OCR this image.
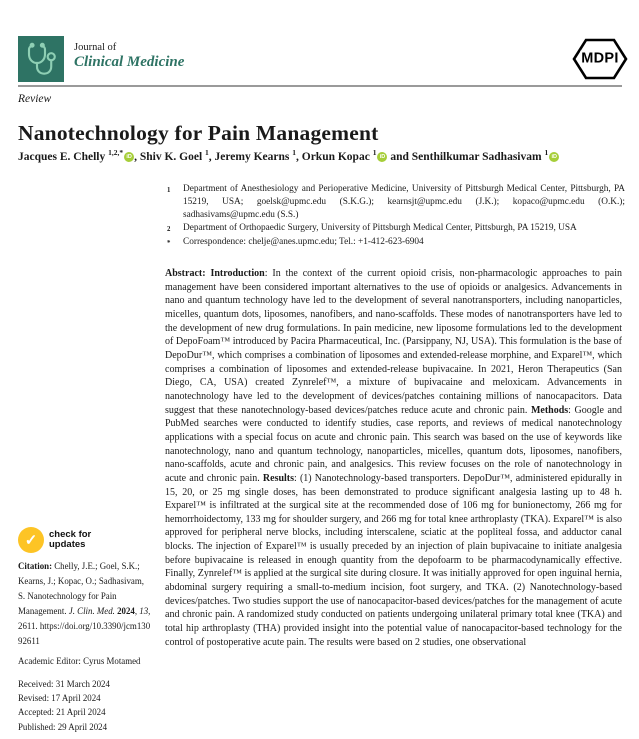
Journal of
Clinical Medicine	MDPI
Review
Nanotechnology for Pain Management
Jacques E. Chelly $^{1,2,*}$ iD , Shiv K. Goel $^1$, Jeremy Kearns $^1$, Orkun Kopac $^1$ iD and Senthilkumar Sadhasivam $^1$ iD
1	Department of Anesthesiology and Perioperative Medicine, University of Pittsburgh Medical Center, Pittsburgh, PA 15219, USA; goelsk@upmc.edu (S.K.G.); kearnsjt@upmc.edu (J.K.); kopaco@upmc.edu (O.K.); sadhasivams@upmc.edu (S.S.)
2	Department of Orthopaedic Surgery, University of Pittsburgh Medical Center, Pittsburgh, PA 15219, USA
*	Correspondence: chelje@anes.upmc.edu; Tel.: +1-412-623-6904
✓ check for
updates

Citation: Chelly, J.E.; Goel, S.K.; Kearns, J.; Kopac, O.; Sadhasivam, S. Nanotechnology for Pain Management. J. Clin. Med. 2024, 13, 2611. https://doi.org/10.3390/jcm13092611

Academic Editor: Cyrus Motamed

Received: 31 March 2024

Revised: 17 April 2024

Accepted: 21 April 2024

Published: 29 April 2024

Abstract: Introduction: In the context of the current opioid crisis, non-pharmacologic approaches to pain management have been considered important alternatives to the use of opioids or analgesics. Advancements in nano and quantum technology have led to the development of several nanotransporters, including nanoparticles, micelles, quantum dots, liposomes, nanofibers, and nano-scaffolds. These modes of nanotransporters have led to the development of new drug formulations. In pain medicine, new liposome formulations led to the development of DepoFoam™ introduced by Pacira Pharmaceutical, Inc. (Parsippany, NJ, USA). This formulation is the base of DepoDur™, which comprises a combination of liposomes and extended-release morphine, and Exparel™, which comprises a combination of liposomes and extended-release bupivacaine. In 2021, Heron Therapeutics (San Diego, CA, USA) created Zynrelef™, a mixture of bupivacaine and meloxicam. Advancements in nanotechnology have led to the development of devices/patches containing millions of nanocapacitors. Data suggest that these nanotechnology-based devices/patches reduce acute and chronic pain. Methods: Google and PubMed searches were conducted to identify studies, case reports, and reviews of medical nanotechnology applications with a special focus on acute and chronic pain. This search was based on the use of keywords like nanotechnology, nano and quantum technology, nanoparticles, micelles, quantum dots, liposomes, nanofibers, nano-scaffolds, acute and chronic pain, and analgesics. This review focuses on the role of nanotechnology in acute and chronic pain. Results: (1) Nanotechnology-based transporters. DepoDur™, administered epidurally in 15, 20, or 25 mg single doses, has been demonstrated to produce significant analgesia lasting up to 48 h. Exparel™ is infiltrated at the surgical site at the recommended dose of 106 mg for bunionectomy, 266 mg for hemorrhoidectomy, 133 mg for shoulder surgery, and 266 mg for total knee arthroplasty (TKA). Exparel™ is also approved for peripheral nerve blocks, including interscalene, sciatic at the popliteal fossa, and adductor canal blocks. The injection of Exparel™ is usually preceded by an injection of plain bupivacaine to initiate analgesia before bupivacaine is released in enough quantity from the depofoarm to be pharmacodynamically effective. Finally, Zynrelef™ is applied at the surgical site during closure. It was initially approved for open inguinal hernia, abdominal surgery requiring a small-to-medium incision, foot surgery, and TKA. (2) Nanotechnology-based devices/patches. Two studies support the use of nanocapacitor-based devices/patches for the management of acute and chronic pain. A randomized study conducted on patients undergoing unilateral primary total knee (TKA) and total hip arthroplasty (THA) provided insight into the potential value of nanocapacitor-based technology for the control of postoperative acute pain. The results were based on 2 studies, one observational
